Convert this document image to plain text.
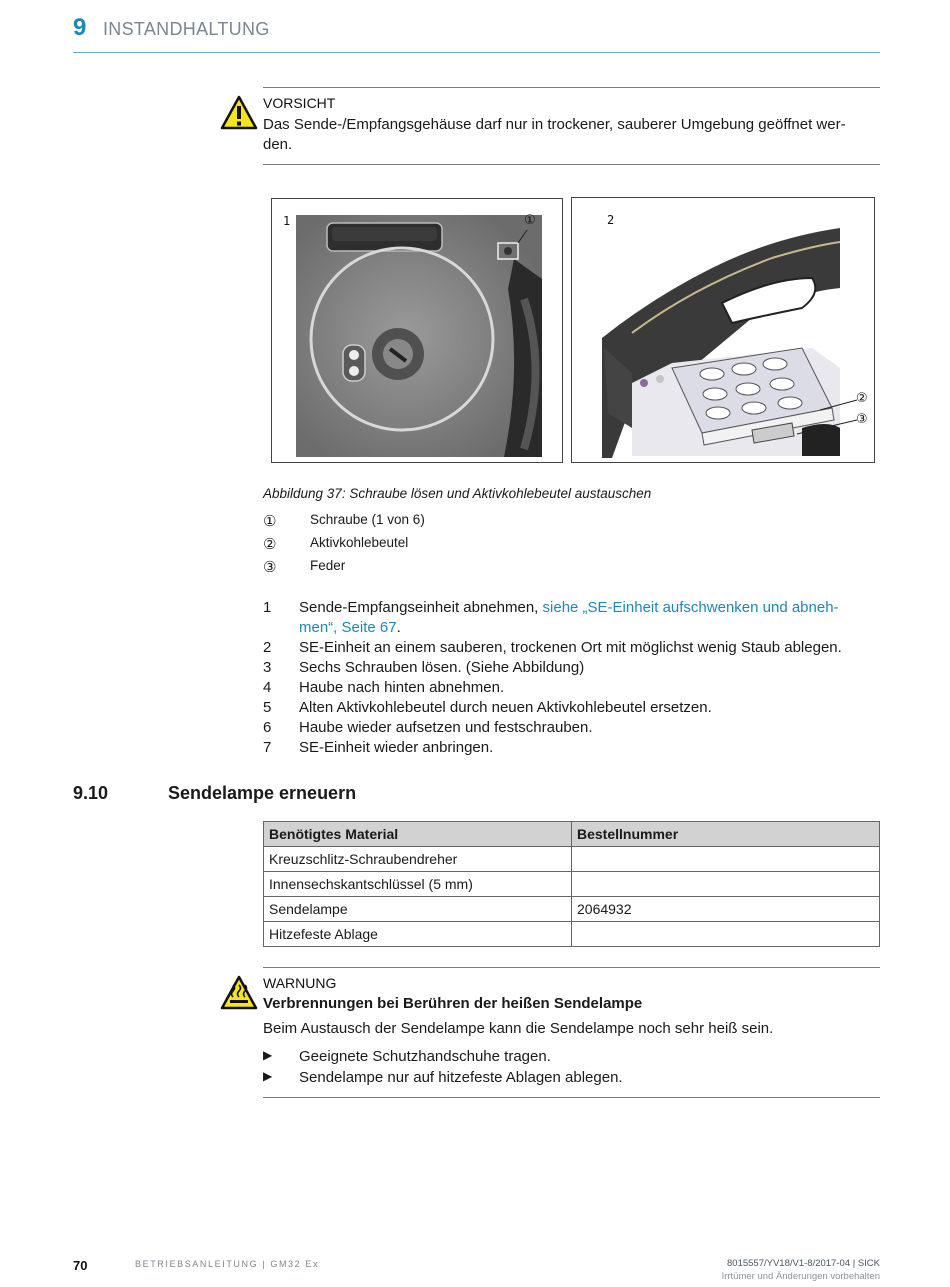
9 INSTANDHALTUNG
VORSICHT
Das Sende-/Empfangsgehäuse darf nur in trockener, sauberer Umgebung geöffnet wer-
den.
1	①	2
②
③
Abbildung 37: Schraube lösen und Aktivkohlebeutel austauschen
①	Schraube (1 von 6)
②	Aktivkohlebeutel
③	Feder
1 Sende-Empfangseinheit abnehmen, siehe „SE-Einheit aufschwenken und abneh-
men“, Seite 67.
2 SE-Einheit an einem sauberen, trockenen Ort mit möglichst wenig Staub ablegen.
3 Sechs Schrauben lösen. (Siehe Abbildung)
4 Haube nach hinten abnehmen.
5 Alten Aktivkohlebeutel durch neuen Aktivkohlebeutel ersetzen.
6 Haube wieder aufsetzen und festschrauben.
7 SE-Einheit wieder anbringen.
9.10	Sendelampe erneuern
Benötigtes Material	Bestellnummer
Kreuzschlitz-Schraubendreher	
Innensechskantschlüssel (5 mm)	
Sendelampe	2064932
Hitzefeste Ablage	
WARNUNG
Verbrennungen bei Berühren der heißen Sendelampe
Beim Austausch der Sendelampe kann die Sendelampe noch sehr heiß sein.
▶ Geeignete Schutzhandschuhe tragen.
▶ Sendelampe nur auf hitzefeste Ablagen ablegen.
70	BETRIEBSANLEITUNG | GM32 Ex	8015557/YV18/V1-8/2017-04 | SICK
Irrtümer und Änderungen vorbehalten
